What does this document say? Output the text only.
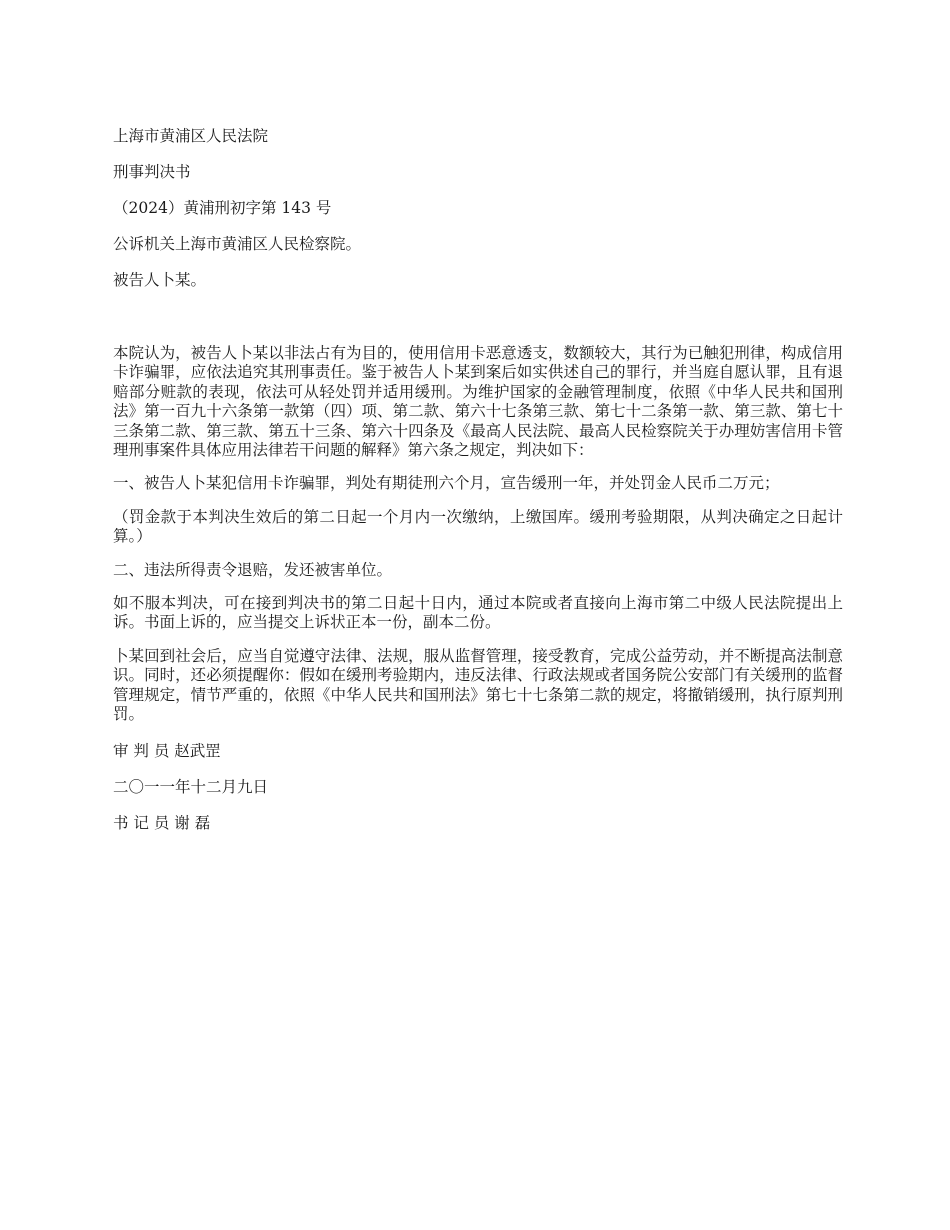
上海市黄浦区人民法院

刑事判决书

（2024）黄浦刑初字第 143 号

公诉机关上海市黄浦区人民检察院。

被告人卜某。

本院认为，被告人卜某以非法占有为目的，使用信用卡恶意透支，数额较大，其行为已触犯刑律，构成信用卡诈骗罪，应依法追究其刑事责任。鉴于被告人卜某到案后如实供述自己的罪行，并当庭自愿认罪，且有退赔部分赃款的表现，依法可从轻处罚并适用缓刑。为维护国家的金融管理制度，依照《中华人民共和国刑法》第一百九十六条第一款第（四）项、第二款、第六十七条第三款、第七十二条第一款、第三款、第七十三条第二款、第三款、第五十三条、第六十四条及《最高人民法院、最高人民检察院关于办理妨害信用卡管理刑事案件具体应用法律若干问题的解释》第六条之规定，判决如下：

一、被告人卜某犯信用卡诈骗罪，判处有期徒刑六个月，宣告缓刑一年，并处罚金人民币二万元；

（罚金款于本判决生效后的第二日起一个月内一次缴纳，上缴国库。缓刑考验期限，从判决确定之日起计算。）

二、违法所得责令退赔，发还被害单位。

如不服本判决，可在接到判决书的第二日起十日内，通过本院或者直接向上海市第二中级人民法院提出上诉。书面上诉的，应当提交上诉状正本一份，副本二份。

卜某回到社会后，应当自觉遵守法律、法规，服从监督管理，接受教育，完成公益劳动，并不断提高法制意识。同时，还必须提醒你：假如在缓刑考验期内，违反法律、行政法规或者国务院公安部门有关缓刑的监督管理规定，情节严重的，依照《中华人民共和国刑法》第七十七条第二款的规定，将撤销缓刑，执行原判刑罚。

审 判 员 赵武罡

二〇一一年十二月九日

书 记 员 谢 磊
